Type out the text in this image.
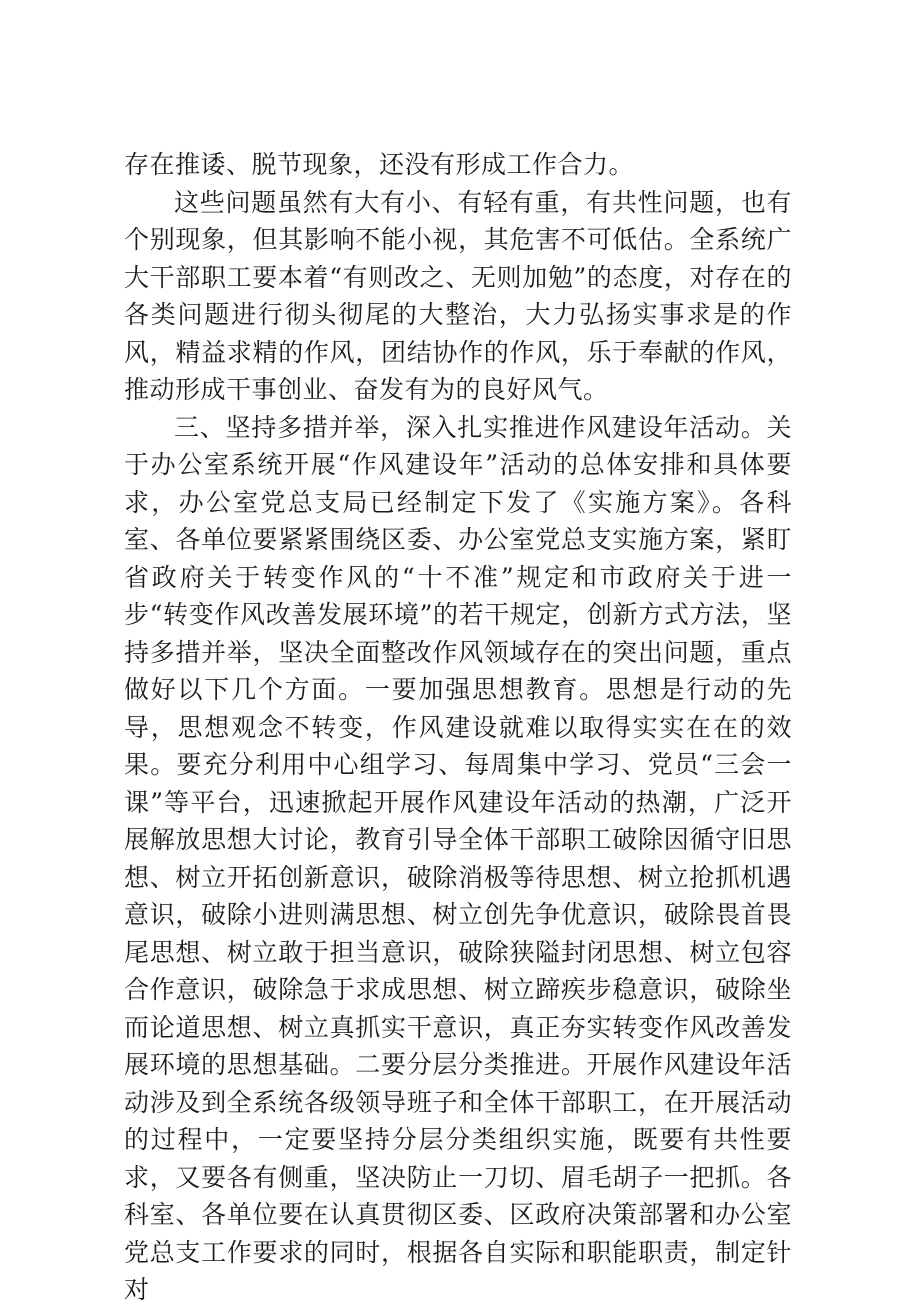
存在推诿、脱节现象，还没有形成工作合力。

这些问题虽然有大有小、有轻有重，有共性问题，也有个别现象，但其影响不能小视，其危害不可低估。全系统广大干部职工要本着“有则改之、无则加勉”的态度，对存在的各类问题进行彻头彻尾的大整治，大力弘扬实事求是的作风，精益求精的作风，团结协作的作风，乐于奉献的作风，推动形成干事创业、奋发有为的良好风气。

三、坚持多措并举，深入扎实推进作风建设年活动。关于办公室系统开展“作风建设年”活动的总体安排和具体要求，办公室党总支局已经制定下发了《实施方案》。各科室、各单位要紧紧围绕区委、办公室党总支实施方案，紧盯省政府关于转变作风的“十不准”规定和市政府关于进一步“转变作风改善发展环境”的若干规定，创新方式方法，坚持多措并举，坚决全面整改作风领域存在的突出问题，重点做好以下几个方面。一要加强思想教育。思想是行动的先导，思想观念不转变，作风建设就难以取得实实在在的效果。要充分利用中心组学习、每周集中学习、党员“三会一课”等平台，迅速掀起开展作风建设年活动的热潮，广泛开展解放思想大讨论，教育引导全体干部职工破除因循守旧思想、树立开拓创新意识，破除消极等待思想、树立抢抓机遇意识，破除小进则满思想、树立创先争优意识，破除畏首畏尾思想、树立敢于担当意识，破除狭隘封闭思想、树立包容合作意识，破除急于求成思想、树立蹄疾步稳意识，破除坐而论道思想、树立真抓实干意识，真正夯实转变作风改善发展环境的思想基础。二要分层分类推进。开展作风建设年活动涉及到全系统各级领导班子和全体干部职工，在开展活动的过程中，一定要坚持分层分类组织实施，既要有共性要求，又要各有侧重，坚决防止一刀切、眉毛胡子一把抓。各科室、各单位要在认真贯彻区委、区政府决策部署和办公室党总支工作要求的同时，根据各自实际和职能职责，制定针对
